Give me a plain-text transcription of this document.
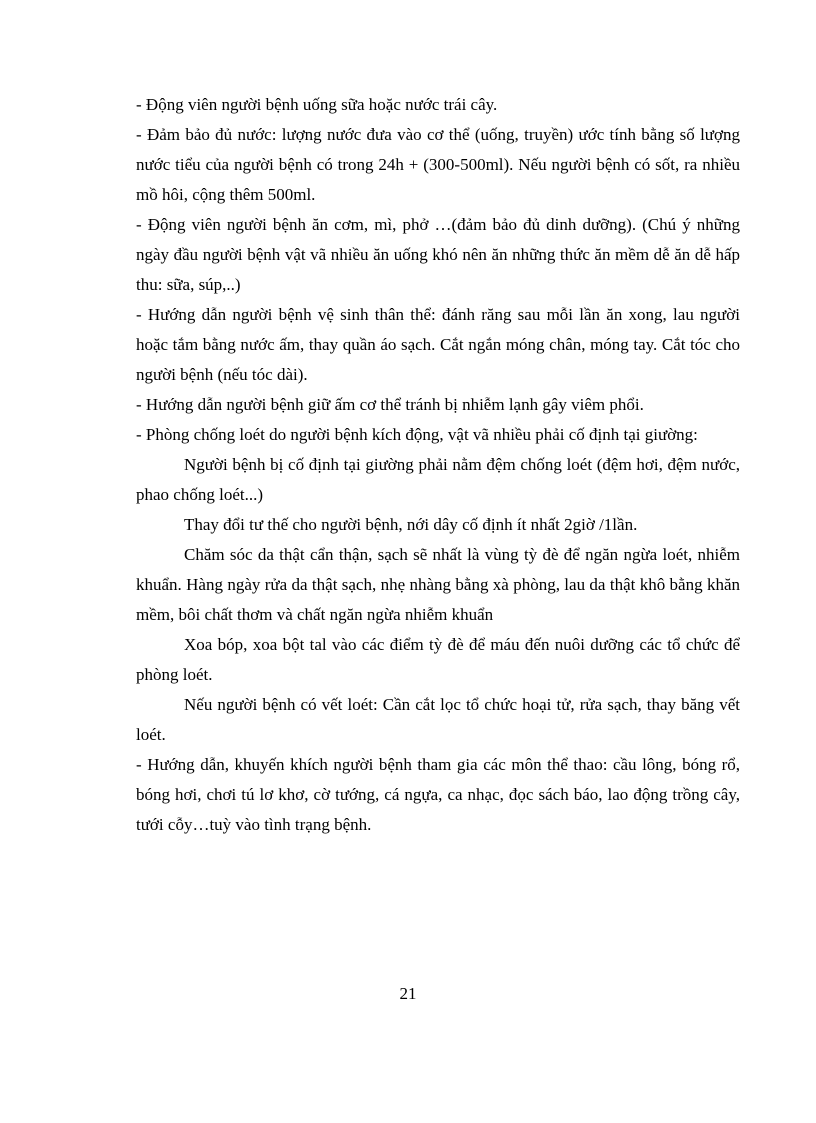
- Động viên người bệnh uống sữa hoặc nước trái cây.

- Đảm bảo đủ nước: lượng nước đưa vào cơ thể (uống, truyền) ước tính bằng số lượng nước tiểu của người bệnh có trong 24h + (300-500ml). Nếu người bệnh có sốt, ra nhiều mồ hôi, cộng thêm 500ml.

- Động viên người bệnh ăn cơm, mì, phở …(đảm bảo đủ dinh dưỡng). (Chú ý những ngày đầu người bệnh vật vã nhiều ăn uống khó nên ăn những thức ăn mềm dễ ăn dễ hấp thu: sữa, súp,..)

- Hướng dẫn người bệnh vệ sinh thân thể: đánh răng sau mỗi lần ăn xong, lau người hoặc tắm bằng nước ấm, thay quần áo sạch. Cắt ngắn móng chân, móng tay. Cắt tóc cho người bệnh (nếu tóc dài).

- Hướng dẫn người bệnh giữ ấm cơ thể tránh bị nhiễm lạnh gây viêm phổi.

- Phòng chống loét do người bệnh kích động, vật vã nhiều phải cố định tại giường:

Người bệnh bị cố định tại giường phải nằm đệm chống loét (đệm hơi, đệm nước, phao chống loét...)

Thay đổi tư thế cho người bệnh, nới dây cố định ít nhất 2giờ /1lần.

Chăm sóc da thật cẩn thận, sạch sẽ nhất là vùng tỳ đè để ngăn ngừa loét, nhiễm khuẩn. Hàng ngày rửa da thật sạch, nhẹ nhàng bằng xà phòng, lau da thật khô bằng khăn mềm, bôi chất thơm và chất ngăn ngừa nhiễm khuẩn

Xoa bóp, xoa bột tal vào các điểm tỳ đè để máu đến nuôi dưỡng các tổ chức để phòng loét.

Nếu người bệnh có vết loét: Cần cắt lọc tổ chức hoại tử, rửa sạch, thay băng vết loét.

- Hướng dẫn, khuyến khích người bệnh tham gia các môn thể thao: cầu lông, bóng rổ, bóng hơi, chơi tú lơ khơ, cờ tướng, cá ngựa, ca nhạc, đọc sách báo, lao động trồng cây, tưới cỗy…tuỳ vào tình trạng bệnh.

21
